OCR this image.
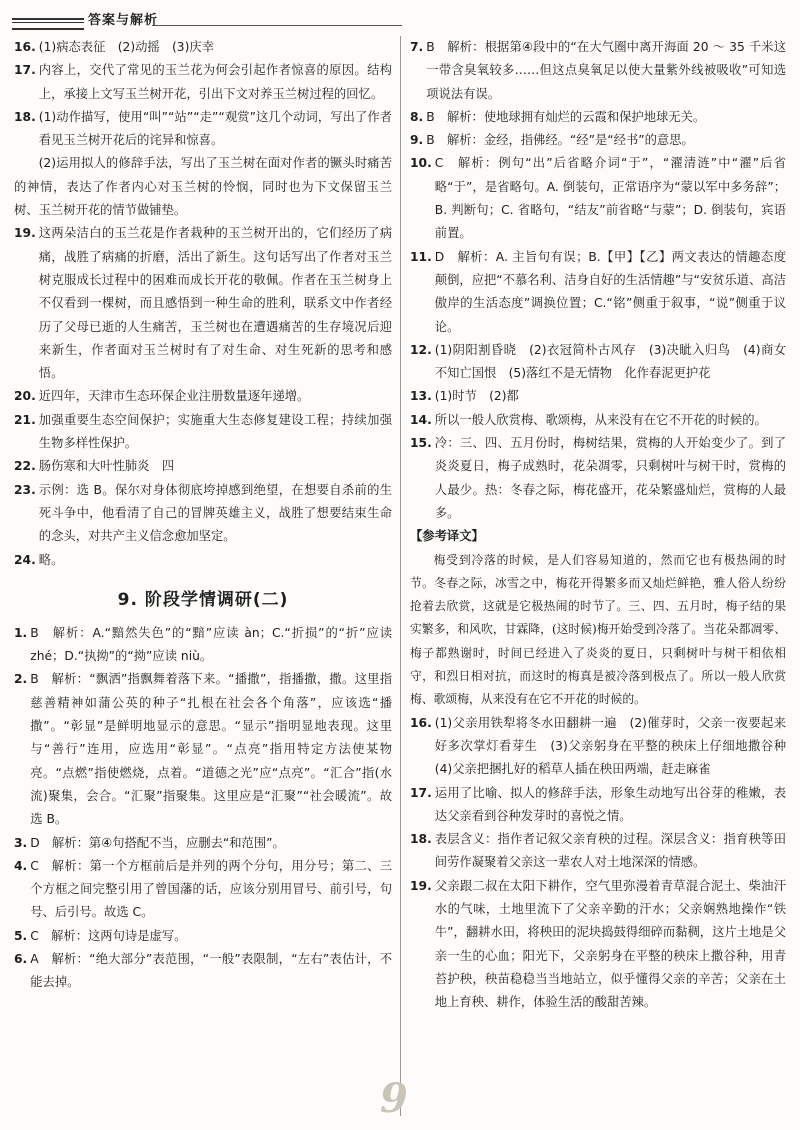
答案与解析
16. (1)病态表征　(2)动摇　(3)庆幸
17. 内容上，交代了常见的玉兰花为何会引起作者惊喜的原因。结构上，承接上文写玉兰树开花，引出下文对养玉兰树过程的回忆。
18. (1)动作描写，使用“叫”“站”“走”“观赏”这几个动词，写出了作者看见玉兰树开花后的诧异和惊喜。
(2)运用拟人的修辞手法，写出了玉兰树在面对作者的镢头时痛苦的神情，表达了作者内心对玉兰树的怜悯，同时也为下文保留玉兰树、玉兰树开花的情节做铺垫。
19. 这两朵洁白的玉兰花是作者栽种的玉兰树开出的，它们经历了病痛，战胜了病痛的折磨，活出了新生。这句话写出了作者对玉兰树克服成长过程中的困难而成长开花的敬佩。作者在玉兰树身上不仅看到一棵树，而且感悟到一种生命的胜利，联系文中作者经历了父母已逝的人生痛苦，玉兰树也在遭遇痛苦的生存境况后迎来新生，作者面对玉兰树时有了对生命、对生死新的思考和感悟。
20. 近四年，天津市生态环保企业注册数量逐年递增。
21. 加强重要生态空间保护；实施重大生态修复建设工程；持续加强生物多样性保护。
22. 肠伤寒和大叶性肺炎　四
23. 示例：选 B。保尔对身体彻底垮掉感到绝望，在想要自杀前的生死斗争中，他看清了自己的冒牌英雄主义，战胜了想要结束生命的念头，对共产主义信念愈加坚定。
24. 略。
9. 阶段学情调研(二)
1. B　解析：A.“黯然失色”的“黯”应读 àn；C.“折损”的“折”应读 zhé；D.“执拗”的“拗”应读 niù。
2. B　解析：“飘洒”指飘舞着落下来。“播撒”，指播撒，撒。这里指慈善精神如蒲公英的种子“扎根在社会各个角落”，应该选“播撒”。“彰显”是鲜明地显示的意思。“显示”指明显地表现。这里与“善行”连用，应选用“彰显”。“点亮”指用特定方法使某物亮。“点燃”指使燃烧，点着。“道德之光”应“点亮”。“汇合”指(水流)聚集，会合。“汇聚”指聚集。这里应是“汇聚”“社会暖流”。故选 B。
3. D　解析：第④句搭配不当，应删去“和范围”。
4. C　解析：第一个方框前后是并列的两个分句，用分号；第二、三个方框之间完整引用了曾国藩的话，应该分别用冒号、前引号，句号、后引号。故选 C。
5. C　解析：这两句诗是虚写。
6. A　解析：“绝大部分”表范围，“一般”表限制，“左右”表估计，不能去掉。
7. B　解析：根据第④段中的“在大气圈中离开海面 20 ～ 35 千米这一带含臭氧较多……但这点臭氧足以使大量紫外线被吸收”可知选项说法有误。
8. B　解析：使地球拥有灿烂的云霞和保护地球无关。
9. B　解析：金经，指佛经。“经”是“经书”的意思。
10. C　解析：例句“出”后省略介词“于”，“濯清涟”中“濯”后省略“于”，是省略句。A. 倒装句，正常语序为“蒙以军中多务辞”；B. 判断句；C. 省略句，“结友”前省略“与蒙”；D. 倒装句，宾语前置。
11. D　解析：A. 主旨句有误；B.【甲】【乙】两文表达的情趣态度颠倒，应把“不慕名利、洁身自好的生活情趣”与“安贫乐道、高洁傲岸的生活态度”调换位置；C.“铭”侧重于叙事，“说”侧重于议论。
12. (1)阴阳割昏晓　(2)衣冠简朴古风存　(3)决眦入归鸟　(4)商女不知亡国恨　(5)落红不是无情物　化作春泥更护花
13. (1)时节　(2)都
14. 所以一般人欣赏梅、歌颂梅，从来没有在它不开花的时候的。
15. 冷：三、四、五月份时，梅树结果，赏梅的人开始变少了。到了炎炎夏日，梅子成熟时，花朵凋零，只剩树叶与树干时，赏梅的人最少。热：冬春之际，梅花盛开，花朵繁盛灿烂，赏梅的人最多。
【参考译文】
梅受到冷落的时候，是人们容易知道的，然而它也有极热闹的时节。冬春之际，冰雪之中，梅花开得繁多而又灿烂鲜艳，雅人俗人纷纷抢着去欣赏，这就是它极热闹的时节了。三、四、五月时，梅子结的果实繁多，和风吹，甘霖降，(这时候)梅开始受到冷落了。当花朵都凋零、梅子都熟谢时，时间已经进入了炎炎的夏日，只剩树叶与树干相依相守，和烈日相对抗，而这时的梅真是被冷落到极点了。所以一般人欣赏梅、歌颂梅，从来没有在它不开花的时候的。
16. (1)父亲用铁犁将冬水田翻耕一遍　(2)催芽时，父亲一夜要起来好多次掌灯看芽生　(3)父亲躬身在平整的秧床上仔细地撒谷种　(4)父亲把捆扎好的稻草人插在秧田两端，赶走麻雀
17. 运用了比喻、拟人的修辞手法，形象生动地写出谷芽的稚嫩，表达父亲看到谷种发芽时的喜悦之情。
18. 表层含义：指作者记叙父亲育秧的过程。深层含义：指育秧等田间劳作凝聚着父亲这一辈农人对土地深深的情感。
19. 父亲跟二叔在太阳下耕作，空气里弥漫着青草混合泥土、柴油汗水的气味，土地里流下了父亲辛勤的汗水；父亲娴熟地操作“铁牛”，翻耕水田，将秧田的泥块捣鼓得细碎而黏稠，这片土地是父亲一生的心血；阳光下，父亲躬身在平整的秧床上撒谷种，用青苔护秧，秧苗稳稳当当地站立，似乎懂得父亲的辛苦；父亲在土地上育秧、耕作，体验生活的酸甜苦辣。
9
